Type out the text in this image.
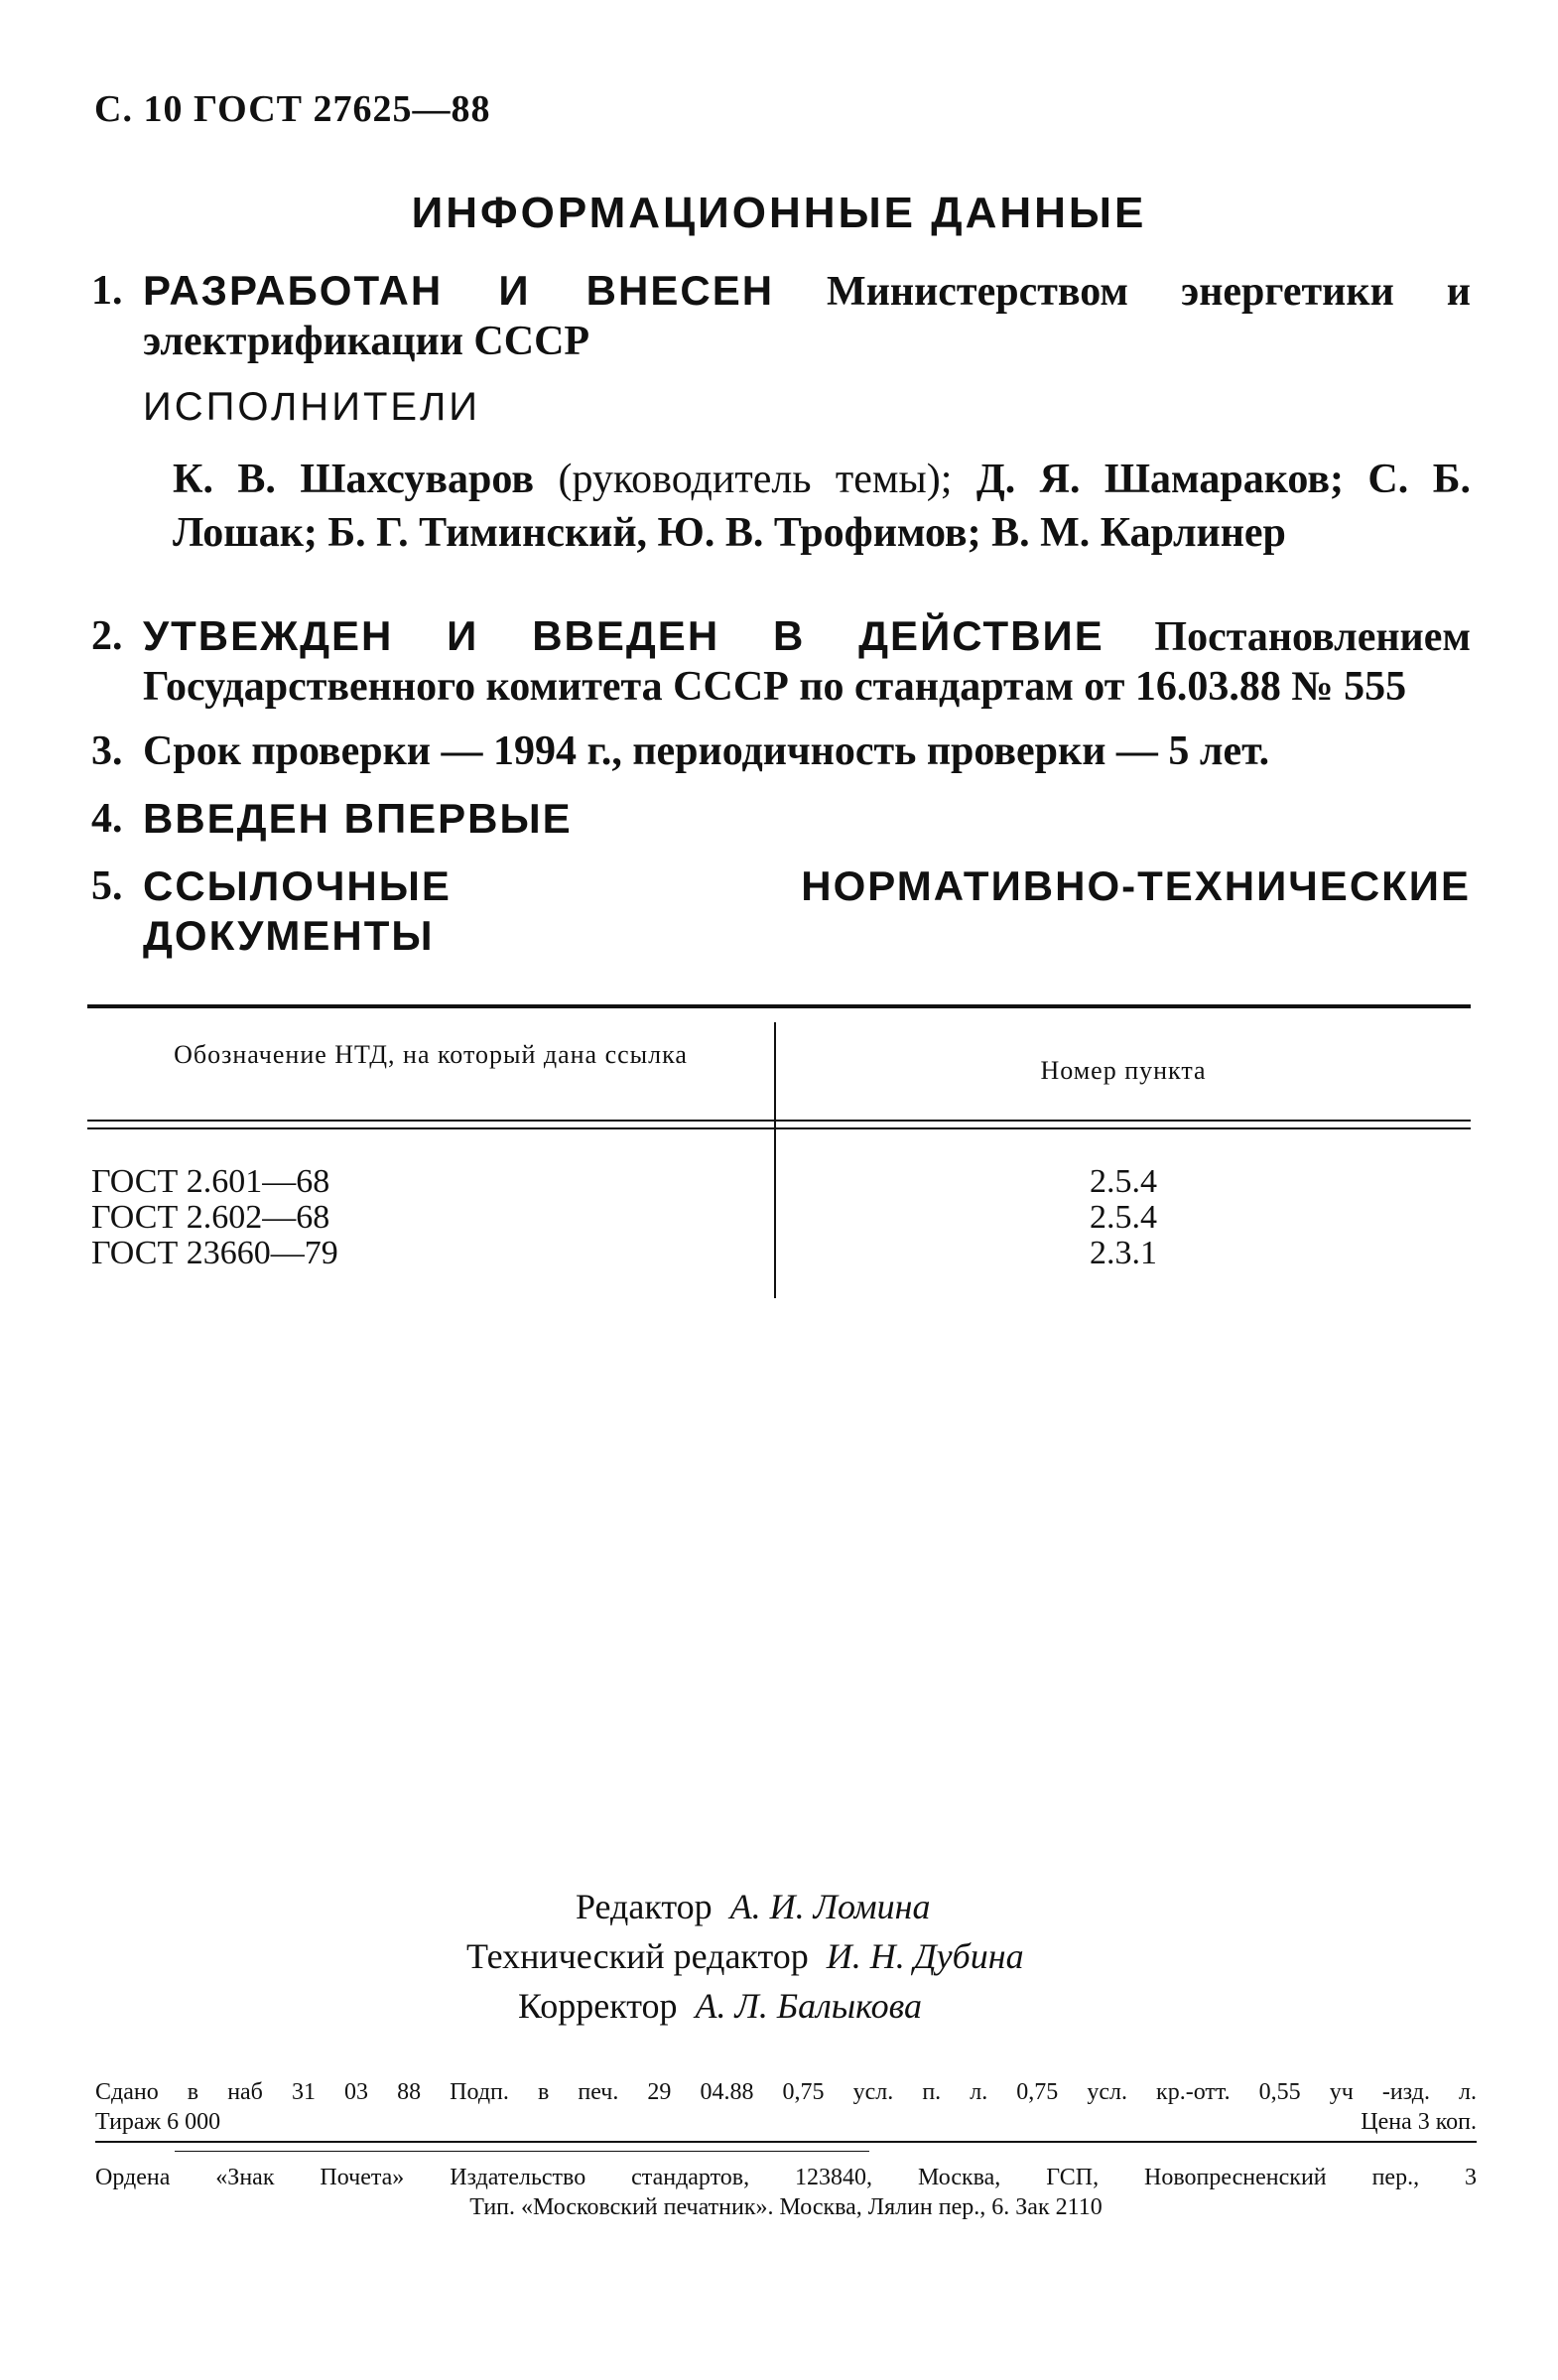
С. 10 ГОСТ 27625—88
ИНФОРМАЦИОННЫЕ ДАННЫЕ
1. РАЗРАБОТАН И ВНЕСЕН Министерством энергетики и электрификации СССР
ИСПОЛНИТЕЛИ
К. В. Шахсуваров (руководитель темы); Д. Я. Шамараков; С. Б. Лошак; Б. Г. Тиминский, Ю. В. Трофимов; В. М. Карлинер
2. УТВЕЖДЕН И ВВЕДЕН В ДЕЙСТВИЕ Постановлением Государственного комитета СССР по стандартам от 16.03.88 № 555
3. Срок проверки — 1994 г., периодичность проверки — 5 лет.
4. ВВЕДЕН ВПЕРВЫЕ
5. ССЫЛОЧНЫЕ НОРМАТИВНО-ТЕХНИЧЕСКИЕ ДОКУМЕНТЫ
Обозначение НТД, на который дана ссылка
Номер пункта
ГОСТ 2.601—68	2.5.4
ГОСТ 2.602—68	2.5.4
ГОСТ 23660—79	2.3.1
Редактор А. И. Ломина
Технический редактор И. Н. Дубина
Корректор А. Л. Балыкова
Сдано в наб 31 03 88 Подп. в печ. 29 04.88 0,75 усл. п. л. 0,75 усл. кр.-отт. 0,55 уч -изд. л.
Тираж 6 000	Цена 3 коп.
Ордена «Знак Почета» Издательство стандартов, 123840, Москва, ГСП, Новопресненский пер., 3
Тип. «Московский печатник». Москва, Лялин пер., 6. Зак 2110
